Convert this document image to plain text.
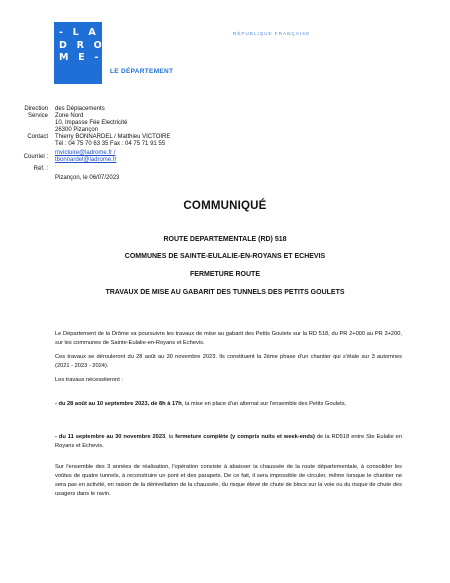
- L A
D R O
M E -
LE DÉPARTEMENT
RÉPUBLIQUE FRANÇAISE
Direction des Déplacements
Service Zone Nord
10, Impasse Fée Electricité
26300 Pizançon
Contact Thierry BONNARDEL / Matthieu VICTOIRE
Tél : 04 75 70 63 35 Fax : 04 75 71 91 55
Courriel :
mvictoire@ladrome.fr /
tbonnardel@ladrome.fr
Réf. :
Pizançon, le 06/07/2023
COMMUNIQUÉ
ROUTE DEPARTEMENTALE (RD) 518
COMMUNES DE SAINTE-EULALIE-EN-ROYANS ET ECHEVIS
FERMETURE ROUTE
TRAVAUX DE MISE AU GABARIT DES TUNNELS DES PETITS GOULETS
Le Département de la Drôme va poursuivre les travaux de mise au gabarit des Petits Goulets sur la RD 518, du PR 2+000 au PR 3+200, sur les communes de Sainte-Eulalie-en-Royans et Echevis.
Ces travaux se dérouleront du 28 août au 30 novembre 2023. Ils constituent la 2ème phase d'un chantier qui s'étale sur 3 automnes (2021 - 2023 - 2024).
Les travaux nécessiteront :
- du 28 août au 10 septembre 2023, de 8h à 17h, la mise en place d'un alternat sur l'ensemble des Petits Goulets,
- du 11 septembre au 30 novembre 2023, la fermeture complète (y compris nuits et week-ends) de la RD518 entre Ste Eulalie en Royans et Echevis.
Sur l'ensemble des 3 années de réalisation, l'opération consiste à abaisser la chaussée de la route départementale, à consolider les voûtes de quatre tunnels, à reconstruire un pont et des parapets. De ce fait, il sera impossible de circuler, même lorsque le chantier ne sera pas en activité, en raison de la dénivellation de la chaussée, du risque élevé de chute de blocs sur la voie ou du risque de chute des usagers dans le ravin.
